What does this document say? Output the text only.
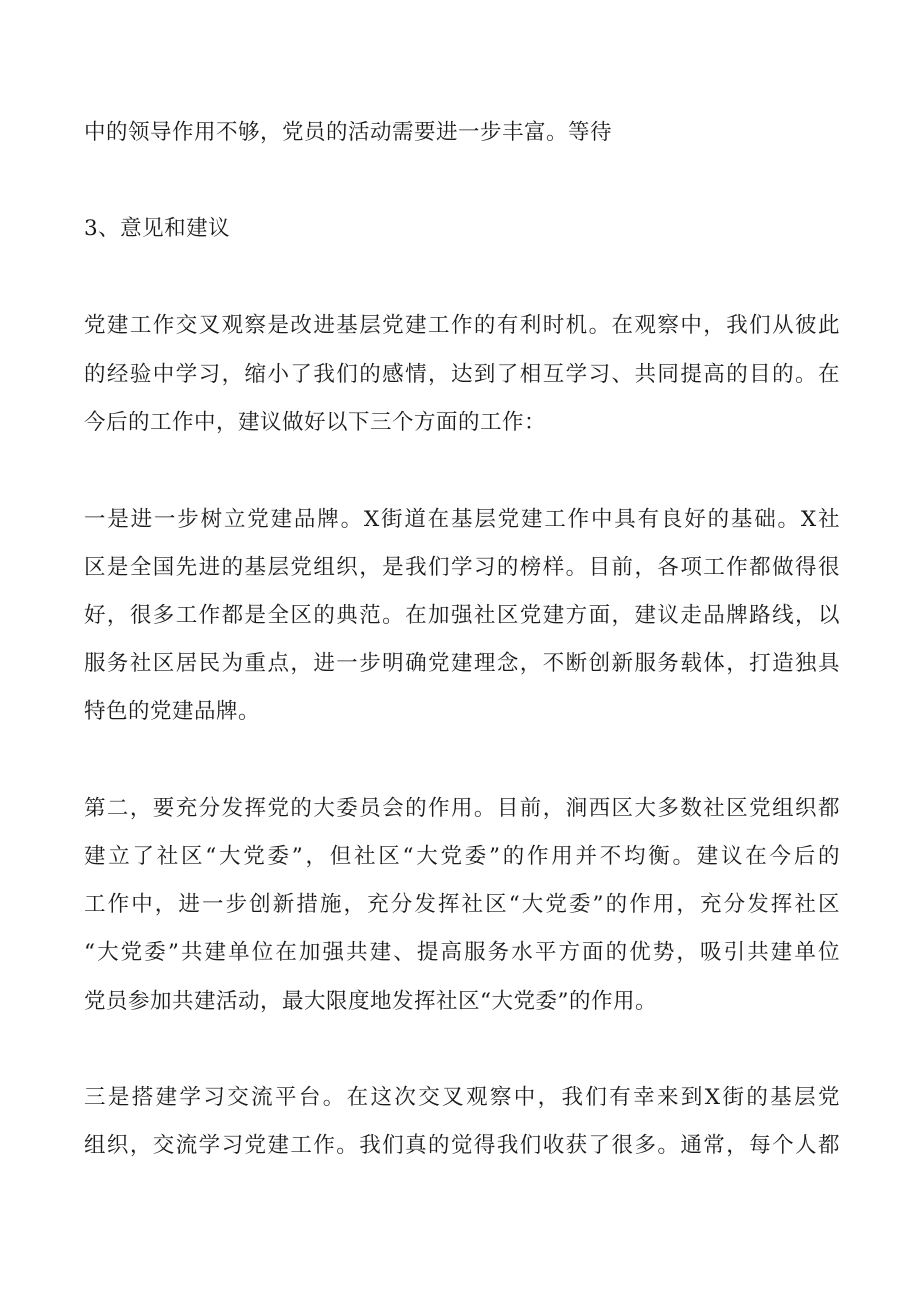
中的领导作用不够，党员的活动需要进一步丰富。等待
3、意见和建议
党建工作交叉观察是改进基层党建工作的有利时机。在观察中，我们从彼此
的经验中学习，缩小了我们的感情，达到了相互学习、共同提高的目的。在
今后的工作中，建议做好以下三个方面的工作：
一是进一步树立党建品牌。X街道在基层党建工作中具有良好的基础。X社
区是全国先进的基层党组织，是我们学习的榜样。目前，各项工作都做得很
好，很多工作都是全区的典范。在加强社区党建方面，建议走品牌路线，以
服务社区居民为重点，进一步明确党建理念，不断创新服务载体，打造独具
特色的党建品牌。
第二，要充分发挥党的大委员会的作用。目前，涧西区大多数社区党组织都
建立了社区“大党委”，但社区“大党委”的作用并不均衡。建议在今后的
工作中，进一步创新措施，充分发挥社区“大党委”的作用，充分发挥社区
“大党委”共建单位在加强共建、提高服务水平方面的优势，吸引共建单位
党员参加共建活动，最大限度地发挥社区“大党委”的作用。
三是搭建学习交流平台。在这次交叉观察中，我们有幸来到X街的基层党
组织，交流学习党建工作。我们真的觉得我们收获了很多。通常，每个人都
